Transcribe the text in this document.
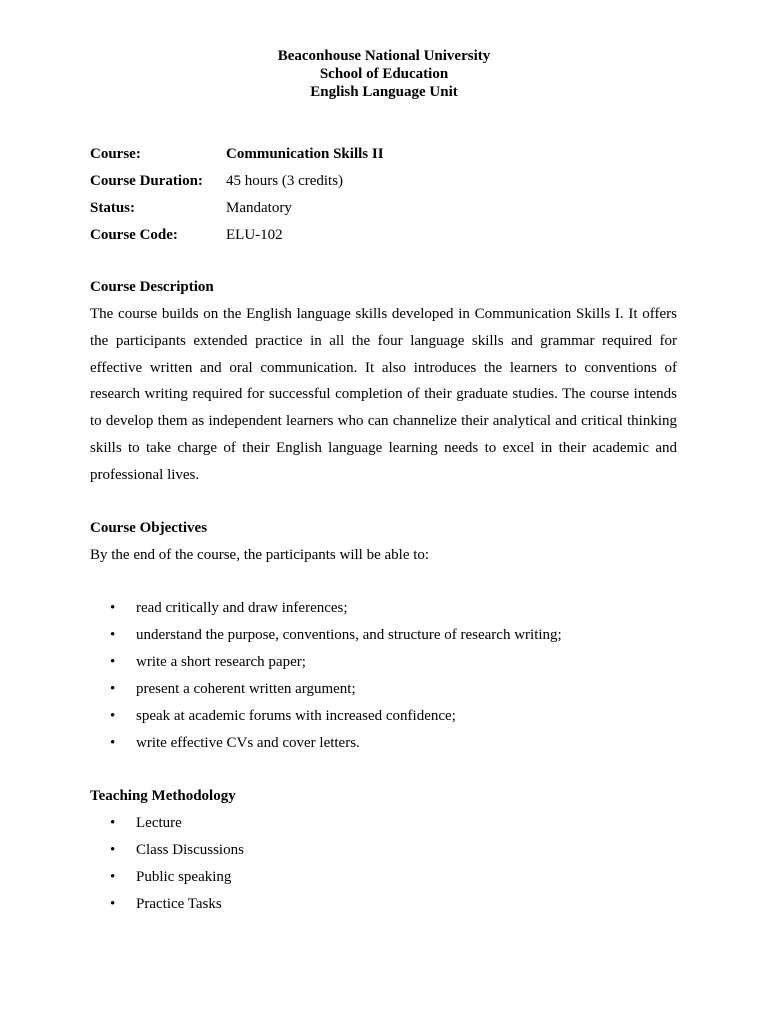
Beaconhouse National University
School of Education
English Language Unit
Course:	Communication Skills II
Course Duration: 45 hours (3 credits)
Status:	Mandatory
Course Code:	ELU-102
Course Description

The course builds on the English language skills developed in Communication Skills I. It offers the participants extended practice in all the four language skills and grammar required for effective written and oral communication. It also introduces the learners to conventions of research writing required for successful completion of their graduate studies. The course intends to develop them as independent learners who can channelize their analytical and critical thinking skills to take charge of their English language learning needs to excel in their academic and professional lives.

Course Objectives
By the end of the course, the participants will be able to:
• read critically and draw inferences;
• understand the purpose, conventions, and structure of research writing;
• write a short research paper;
• present a coherent written argument;
• speak at academic forums with increased confidence;
• write effective CVs and cover letters.
Teaching Methodology
• Lecture
• Class Discussions
• Public speaking
• Practice Tasks
